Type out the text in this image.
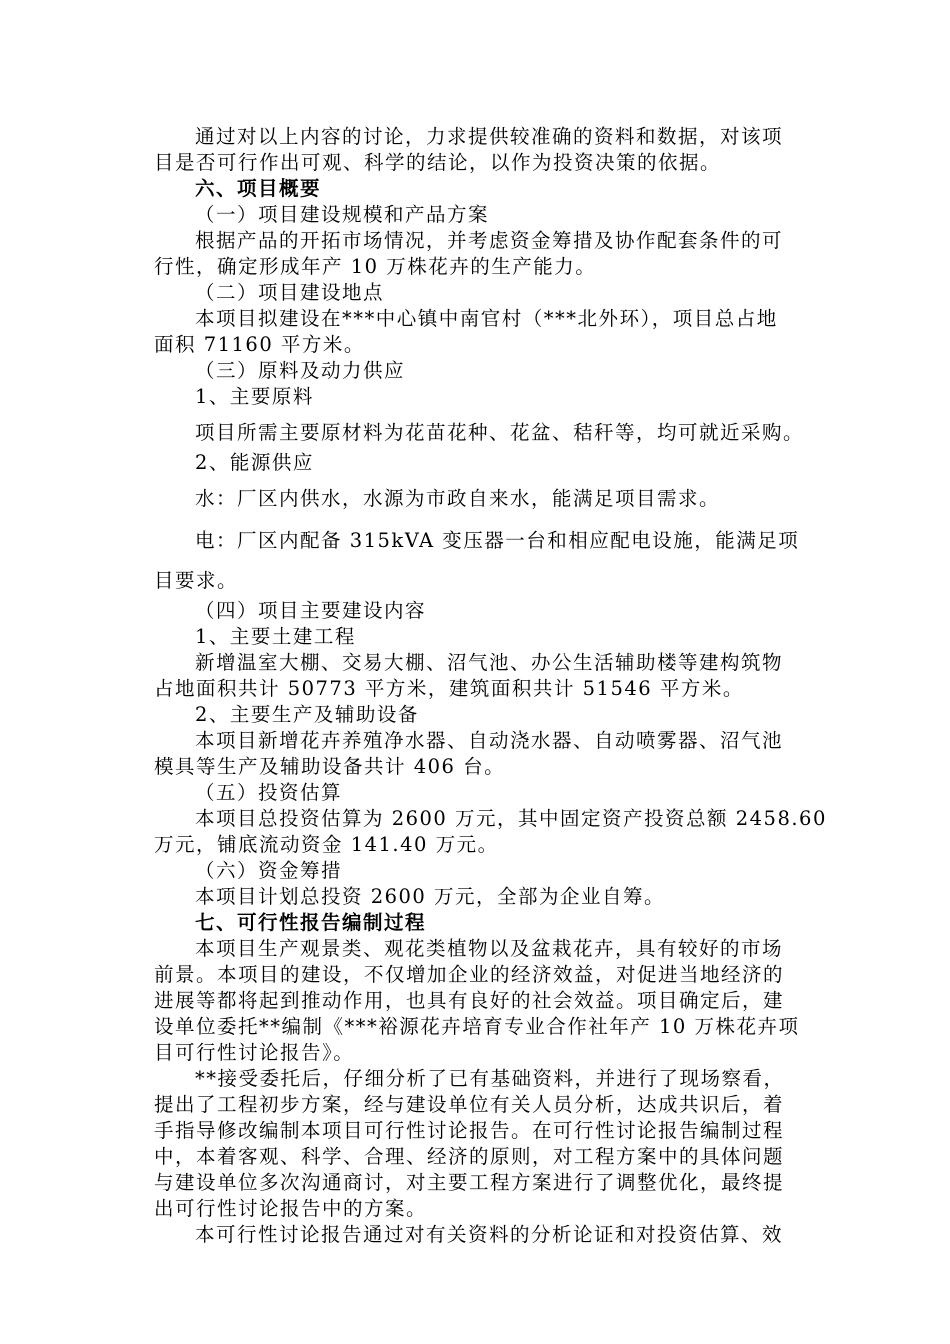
通过对以上内容的讨论，力求提供较准确的资料和数据，对该项
目是否可行作出可观、科学的结论，以作为投资决策的依据。
六、项目概要
（一）项目建设规模和产品方案
根据产品的开拓市场情况，并考虑资金筹措及协作配套条件的可
行性，确定形成年产 10 万株花卉的生产能力。
（二）项目建设地点
本项目拟建设在***中心镇中南官村（***北外环），项目总占地
面积 71160 平方米。
（三）原料及动力供应
1、主要原料
项目所需主要原材料为花苗花种、花盆、秸秆等，均可就近采购。
2、能源供应
水：厂区内供水，水源为市政自来水，能满足项目需求。
电：厂区内配备 315kVA 变压器一台和相应配电设施，能满足项
目要求。
（四）项目主要建设内容
1、主要土建工程
新增温室大棚、交易大棚、沼气池、办公生活辅助楼等建构筑物
占地面积共计 50773 平方米，建筑面积共计 51546 平方米。
2、主要生产及辅助设备
本项目新增花卉养殖净水器、自动浇水器、自动喷雾器、沼气池
模具等生产及辅助设备共计 406 台。
（五）投资估算
本项目总投资估算为 2600 万元，其中固定资产投资总额 2458.60
万元，铺底流动资金 141.40 万元。
（六）资金筹措
本项目计划总投资 2600 万元，全部为企业自筹。
七、可行性报告编制过程
本项目生产观景类、观花类植物以及盆栽花卉，具有较好的市场
前景。本项目的建设，不仅增加企业的经济效益，对促进当地经济的
进展等都将起到推动作用，也具有良好的社会效益。项目确定后，建
设单位委托**编制《***裕源花卉培育专业合作社年产 10 万株花卉项
目可行性讨论报告》。
**接受委托后，仔细分析了已有基础资料，并进行了现场察看，
提出了工程初步方案，经与建设单位有关人员分析，达成共识后，着
手指导修改编制本项目可行性讨论报告。在可行性讨论报告编制过程
中，本着客观、科学、合理、经济的原则，对工程方案中的具体问题
与建设单位多次沟通商讨，对主要工程方案进行了调整优化，最终提
出可行性讨论报告中的方案。
本可行性讨论报告通过对有关资料的分析论证和对投资估算、效
